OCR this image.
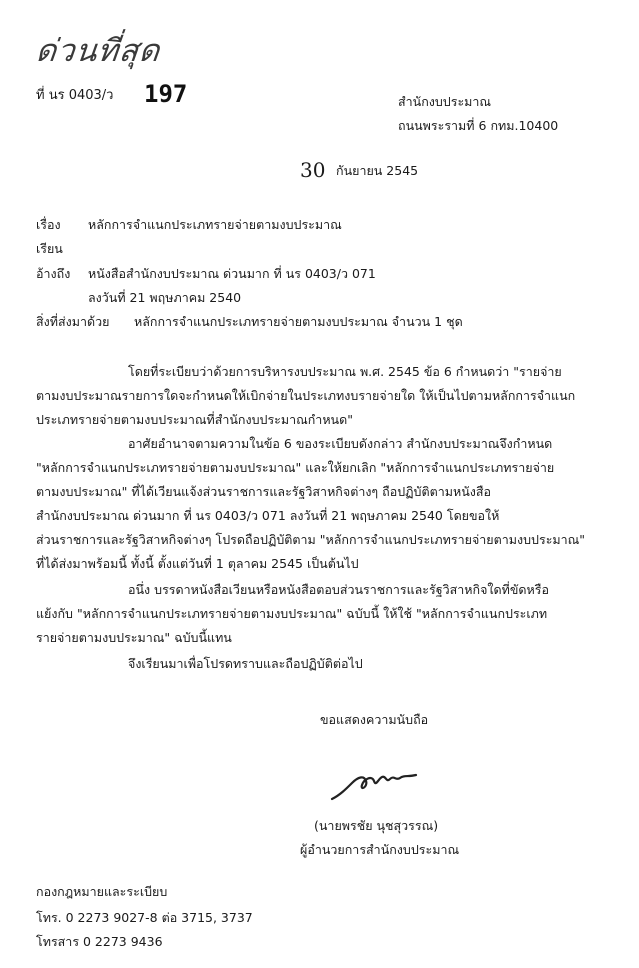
ด่วนที่สุด
ที่ นร 0403/ว 197	สำนักงบประมาณ
ถนนพระรามที่ 6 กทม.10400
30 กันยายน 2545
เรื่อง หลักการจำแนกประเภทรายจ่ายตามงบประมาณ
เรียน
อ้างถึง หนังสือสำนักงบประมาณ ด่วนมาก ที่ นร 0403/ว 071
ลงวันที่ 21 พฤษภาคม 2540
สิ่งที่ส่งมาด้วย หลักการจำแนกประเภทรายจ่ายตามงบประมาณ จำนวน 1 ชุด
โดยที่ระเบียบว่าด้วยการบริหารงบประมาณ พ.ศ. 2545 ข้อ 6 กำหนดว่า "รายจ่าย
ตามงบประมาณรายการใดจะกำหนดให้เบิกจ่ายในประเภทงบรายจ่ายใด ให้เป็นไปตามหลักการจำแนก
ประเภทรายจ่ายตามงบประมาณที่สำนักงบประมาณกำหนด"
อาศัยอำนาจตามความในข้อ 6 ของระเบียบดังกล่าว สำนักงบประมาณจึงกำหนด
"หลักการจำแนกประเภทรายจ่ายตามงบประมาณ" และให้ยกเลิก "หลักการจำแนกประเภทรายจ่าย
ตามงบประมาณ" ที่ได้เวียนแจ้งส่วนราชการและรัฐวิสาหกิจต่างๆ ถือปฏิบัติตามหนังสือ
สำนักงบประมาณ ด่วนมาก ที่ นร 0403/ว 071 ลงวันที่ 21 พฤษภาคม 2540 โดยขอให้
ส่วนราชการและรัฐวิสาหกิจต่างๆ โปรดถือปฏิบัติตาม "หลักการจำแนกประเภทรายจ่ายตามงบประมาณ"
ที่ได้ส่งมาพร้อมนี้ ทั้งนี้ ตั้งแต่วันที่ 1 ตุลาคม 2545 เป็นต้นไป
อนึ่ง บรรดาหนังสือเวียนหรือหนังสือตอบส่วนราชการและรัฐวิสาหกิจใดที่ขัดหรือ
แย้งกับ "หลักการจำแนกประเภทรายจ่ายตามงบประมาณ" ฉบับนี้ ให้ใช้ "หลักการจำแนกประเภท
รายจ่ายตามงบประมาณ" ฉบับนี้แทน
จึงเรียนมาเพื่อโปรดทราบและถือปฏิบัติต่อไป
ขอแสดงความนับถือ
(นายพรชัย นุชสุวรรณ)
ผู้อำนวยการสำนักงบประมาณ
กองกฎหมายและระเบียบ
โทร. 0 2273 9027-8 ต่อ 3715, 3737
โทรสาร 0 2273 9436
